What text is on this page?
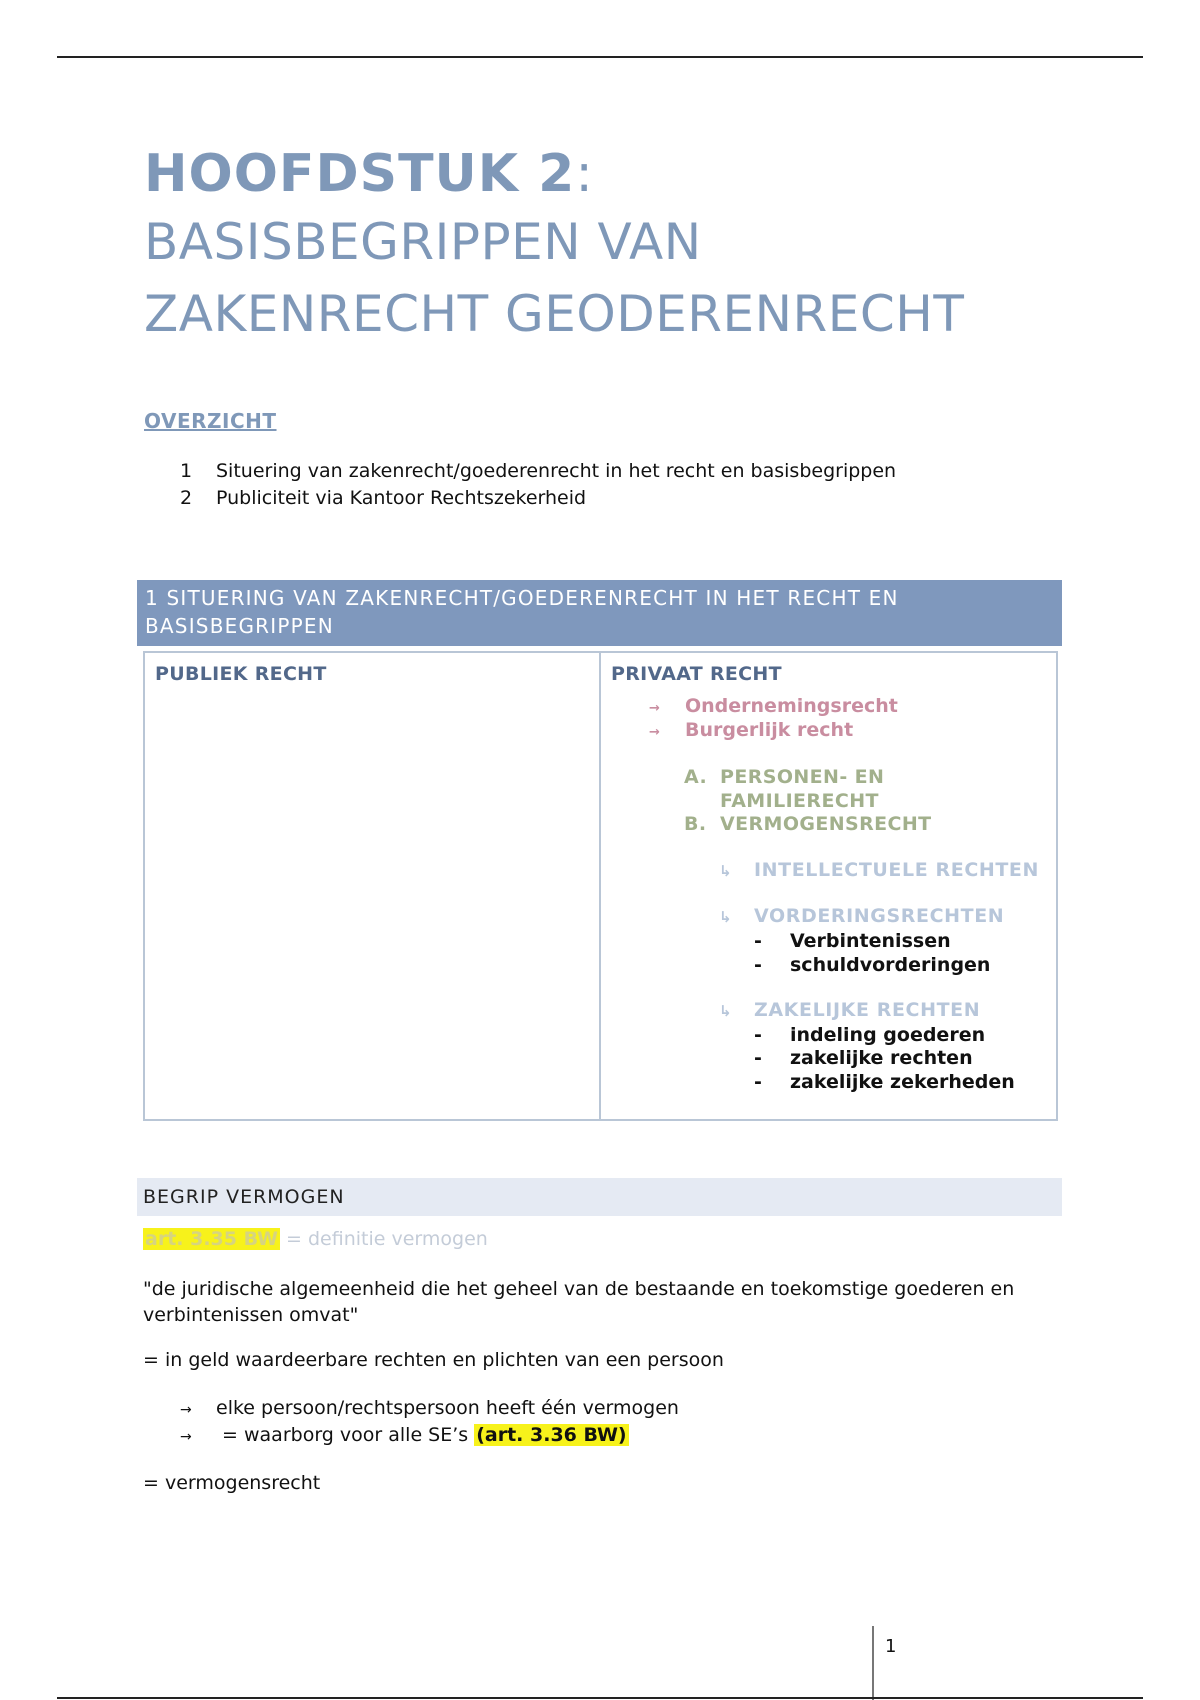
HOOFDSTUK 2:
BASISBEGRIPPEN VAN
ZAKENRECHT GEODERENRECHT
OVERZICHT
1	Situering van zakenrecht/goederenrecht in het recht en basisbegrippen
2	Publiciteit via Kantoor Rechtszekerheid
1 SITUERING VAN ZAKENRECHT/GOEDERENRECHT IN HET RECHT EN
BASISBEGRIPPEN
PUBLIEK RECHT	PRIVAAT RECHT
→ Ondernemingsrecht
→ Burgerlijk recht
A. PERSONEN- EN
FAMILIERECHT
B. VERMOGENSRECHT
↳ INTELLECTUELE RECHTEN
↳ VORDERINGSRECHTEN
- Verbintenissen
- schuldvorderingen
↳ ZAKELIJKE RECHTEN
- indeling goederen
- zakelijke rechten
- zakelijke zekerheden
BEGRIP VERMOGEN
art. 3.35 BW = definitie vermogen
"de juridische algemeenheid die het geheel van de bestaande en toekomstige goederen en verbintenissen omvat"
= in geld waardeerbare rechten en plichten van een persoon
→ elke persoon/rechtspersoon heeft één vermogen
→ = waarborg voor alle SE’s (art. 3.36 BW)
= vermogensrecht
1
